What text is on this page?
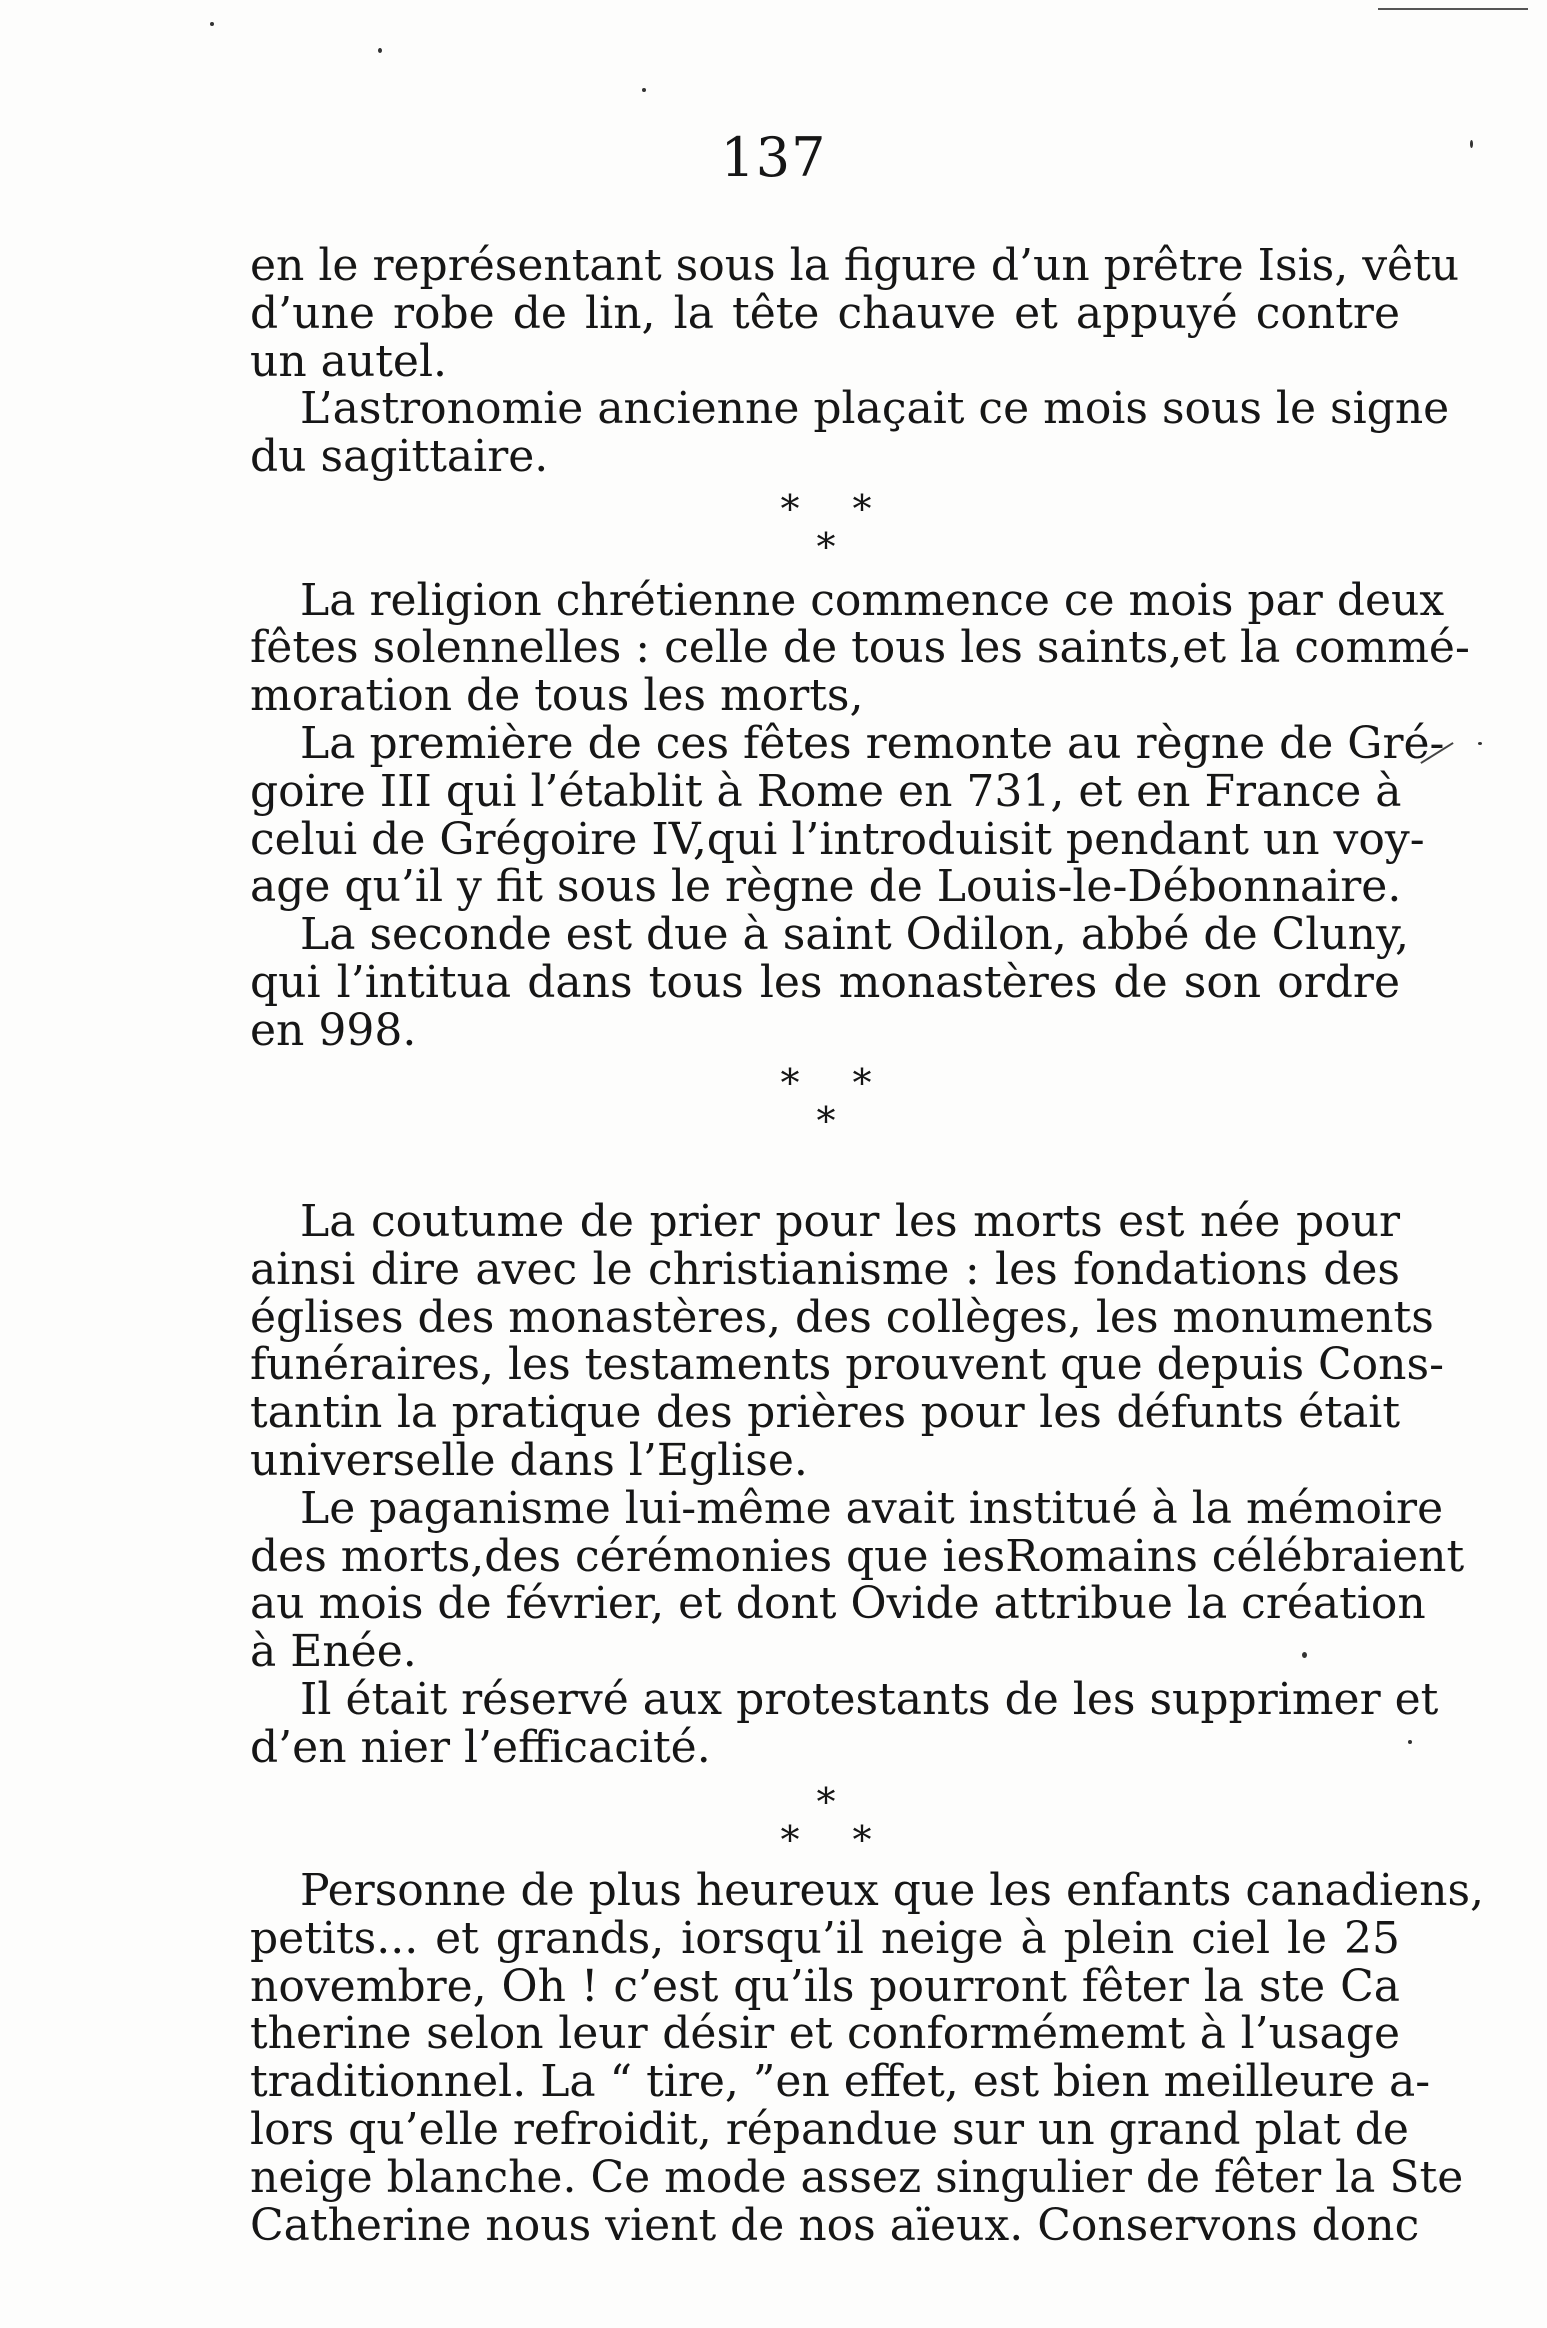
137
en le représentant sous la figure d’un prêtre Isis, vêtu
d’une robe de lin, la tête chauve et appuyé contre
un autel.
L’astronomie ancienne plaçait ce mois sous le signe
du sagittaire.
* *
*
La religion chrétienne commence ce mois par deux
fêtes solennelles : celle de tous les saints,et la commé-
moration de tous les morts,
La première de ces fêtes remonte au règne de Gré-
goire III qui l’établit à Rome en 731, et en France à
celui de Grégoire IV,qui l’introduisit pendant un voy-
age qu’il y fit sous le règne de Louis-le-Débonnaire.
La seconde est due à saint Odilon, abbé de Cluny,
qui l’intitua dans tous les monastères de son ordre
en 998.
* *
*
La coutume de prier pour les morts est née pour
ainsi dire avec le christianisme : les fondations des
églises des monastères, des collèges, les monuments
funéraires, les testaments prouvent que depuis Cons-
tantin la pratique des prières pour les défunts était
universelle dans l’Eglise.
Le paganisme lui-même avait institué à la mémoire
des morts,des cérémonies que iesRomains célébraient
au mois de février, et dont Ovide attribue la création
à Enée.
Il était réservé aux protestants de les supprimer et
d’en nier l’efficacité.
*
* *
Personne de plus heureux que les enfants canadiens,
petits... et grands, iorsqu’il neige à plein ciel le 25
novembre, Oh ! c’est qu’ils pourront fêter la ste Ca
therine selon leur désir et conformémemt à l’usage
traditionnel. La “ tire, ”en effet, est bien meilleure a-
lors qu’elle refroidit, répandue sur un grand plat de
neige blanche. Ce mode assez singulier de fêter la Ste
Catherine nous vient de nos aïeux. Conservons donc
